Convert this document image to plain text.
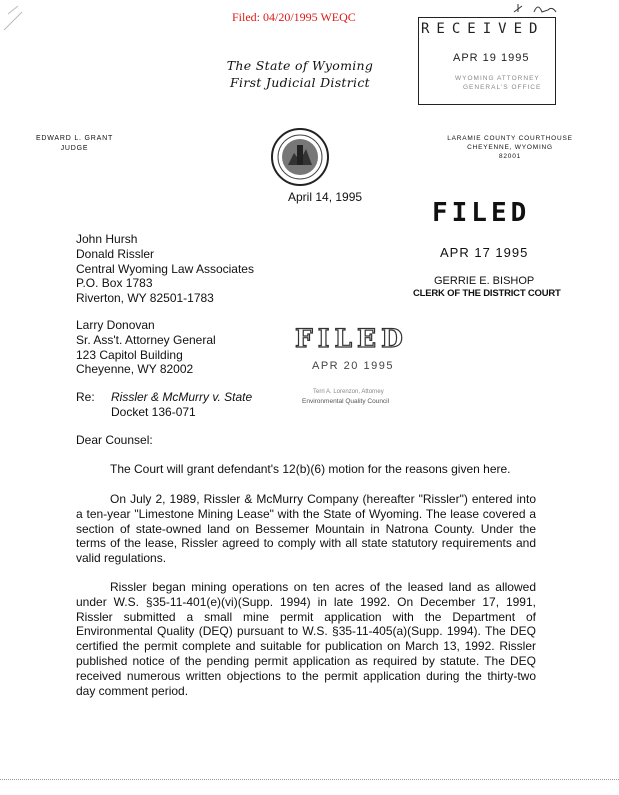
Filed: 04/20/1995 WEQC
The State of Wyoming
First Judicial District
EDWARD L. GRANT
JUDGE
LARAMIE COUNTY COURTHOUSE
CHEYENNE, WYOMING
82001
April 14, 1995
RECEIVED
APR 19 1995
WYOMING ATTORNEY
GENERAL'S OFFICE
FILED
APR 17 1995
GERRIE E. BISHOP
CLERK OF THE DISTRICT COURT
John Hursh
Donald Rissler
Central Wyoming Law Associates
P.O. Box 1783
Riverton, WY 82501-1783
Larry Donovan
Sr. Ass't. Attorney General
123 Capitol Building
Cheyenne, WY 82002
FILED
APR 20 1995
Terri A. Lorenzon, Attorney
Environmental Quality Council
Re: Rissler & McMurry v. State
Docket 136-071
Dear Counsel:

The Court will grant defendant's 12(b)(6) motion for the reasons given here.

On July 2, 1989, Rissler & McMurry Company (hereafter "Rissler") entered into a ten-year "Limestone Mining Lease" with the State of Wyoming. The lease covered a section of state-owned land on Bessemer Mountain in Natrona County. Under the terms of the lease, Rissler agreed to comply with all state statutory requirements and valid regulations.

Rissler began mining operations on ten acres of the leased land as allowed under W.S. §35-11-401(e)(vi)(Supp. 1994) in late 1992. On December 17, 1991, Rissler submitted a small mine permit application with the Department of Environmental Quality (DEQ) pursuant to W.S. §35-11-405(a)(Supp. 1994). The DEQ certified the permit complete and suitable for publication on March 13, 1992. Rissler published notice of the pending permit application as required by statute. The DEQ received numerous written objections to the permit application during the thirty-two day comment period.
